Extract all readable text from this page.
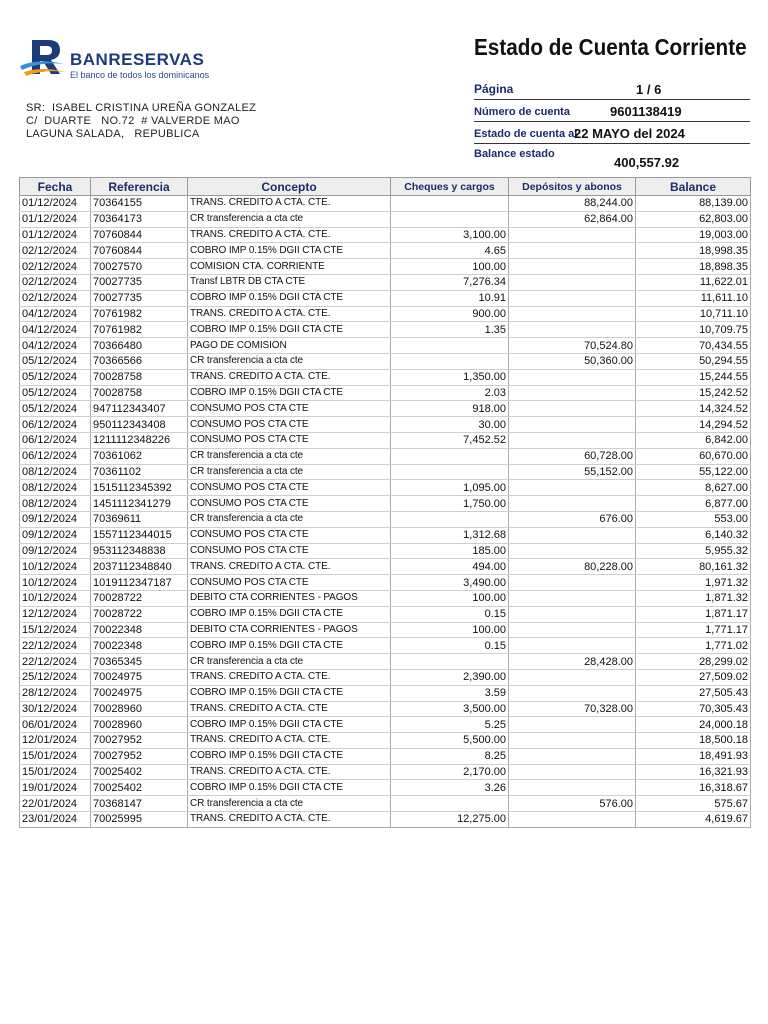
BANRESERVAS
El banco de todos los dominicanos
Estado de Cuenta Corriente
Página	1 / 6
Número de cuenta	9601138419
Estado de cuenta al
22 MAYO del 2024
Balance estado
400,557.92
SR:  ISABEL CRISTINA UREÑA GONZALEZ
C/  DUARTE   NO.72  # VALVERDE MAO
LAGUNA SALADA,   REPUBLICA
Fecha	Referencia	Concepto	Cheques y cargos	Depósitos y abonos	Balance
01/12/2024	70364155	TRANS. CREDITO A CTA. CTE.		88,244.00	88,139.00
01/12/2024	70364173	CR transferencia a cta cte		62,864.00	62,803.00
01/12/2024	70760844	TRANS. CREDITO A CTA. CTE.	3,100.00		19,003.00
02/12/2024	70760844	COBRO IMP 0.15% DGII CTA CTE	4.65		18,998.35
02/12/2024	70027570	COMISION CTA. CORRIENTE	100.00		18,898.35
02/12/2024	70027735	Transf LBTR DB CTA CTE	7,276.34		11,622.01
02/12/2024	70027735	COBRO IMP 0.15% DGII CTA CTE	10.91		11,611.10
04/12/2024	70761982	TRANS. CREDITO A CTA. CTE.	900.00		10,711.10
04/12/2024	70761982	COBRO IMP 0.15% DGII CTA CTE	1.35		10,709.75
04/12/2024	70366480	PAGO DE COMISION		70,524.80	70,434.55
05/12/2024	70366566	CR transferencia a cta cte		50,360.00	50,294.55
05/12/2024	70028758	TRANS. CREDITO A CTA. CTE.	1,350.00		15,244.55
05/12/2024	70028758	COBRO IMP 0.15% DGII CTA CTE	2.03		15,242.52
05/12/2024	947112343407	CONSUMO POS CTA CTE	918.00		14,324.52
06/12/2024	950112343408	CONSUMO POS CTA CTE	30.00		14,294.52
06/12/2024	1211112348226	CONSUMO POS CTA CTE	7,452.52		6,842.00
06/12/2024	70361062	CR transferencia a cta cte		60,728.00	60,670.00
08/12/2024	70361102	CR transferencia a cta cte		55,152.00	55,122.00
08/12/2024	1515112345392	CONSUMO POS CTA CTE	1,095.00		8,627.00
08/12/2024	1451112341279	CONSUMO POS CTA CTE	1,750.00		6,877.00
09/12/2024	70369611	CR transferencia a cta cte		676.00	553.00
09/12/2024	1557112344015	CONSUMO POS CTA CTE	1,312.68		6,140.32
09/12/2024	953112348838	CONSUMO POS CTA CTE	185.00		5,955.32
10/12/2024	2037112348840	TRANS. CREDITO A CTA. CTE.	494.00	80,228.00	80,161.32
10/12/2024	1019112347187	CONSUMO POS CTA CTE	3,490.00		1,971.32
10/12/2024	70028722	DEBITO CTA CORRIENTES - PAGOS	100.00		1,871.32
12/12/2024	70028722	COBRO IMP 0.15% DGII CTA CTE	0.15		1,871.17
15/12/2024	70022348	DEBITO CTA CORRIENTES - PAGOS	100.00		1,771.17
22/12/2024	70022348	COBRO IMP 0.15% DGII CTA CTE	0.15		1,771.02
22/12/2024	70365345	CR transferencia a cta cte		28,428.00	28,299.02
25/12/2024	70024975	TRANS. CREDITO A CTA. CTE.	2,390.00		27,509.02
28/12/2024	70024975	COBRO IMP 0.15% DGII CTA CTE	3.59		27,505.43
30/12/2024	70028960	TRANS. CREDITO A CTA. CTE	3,500.00	70,328.00	70,305.43
06/01/2024	70028960	COBRO IMP 0.15% DGII CTA CTE	5.25		24,000.18
12/01/2024	70027952	TRANS. CREDITO A CTA. CTE.	5,500.00		18,500.18
15/01/2024	70027952	COBRO IMP 0.15% DGII CTA CTE	8.25		18,491.93
15/01/2024	70025402	TRANS. CREDITO A CTA. CTE.	2,170.00		16,321.93
19/01/2024	70025402	COBRO IMP 0.15% DGII CTA CTE	3.26		16,318.67
22/01/2024	70368147	CR transferencia a cta cte		576.00	575.67
23/01/2024	70025995	TRANS. CREDITO A CTA. CTE.	12,275.00		4,619.67
